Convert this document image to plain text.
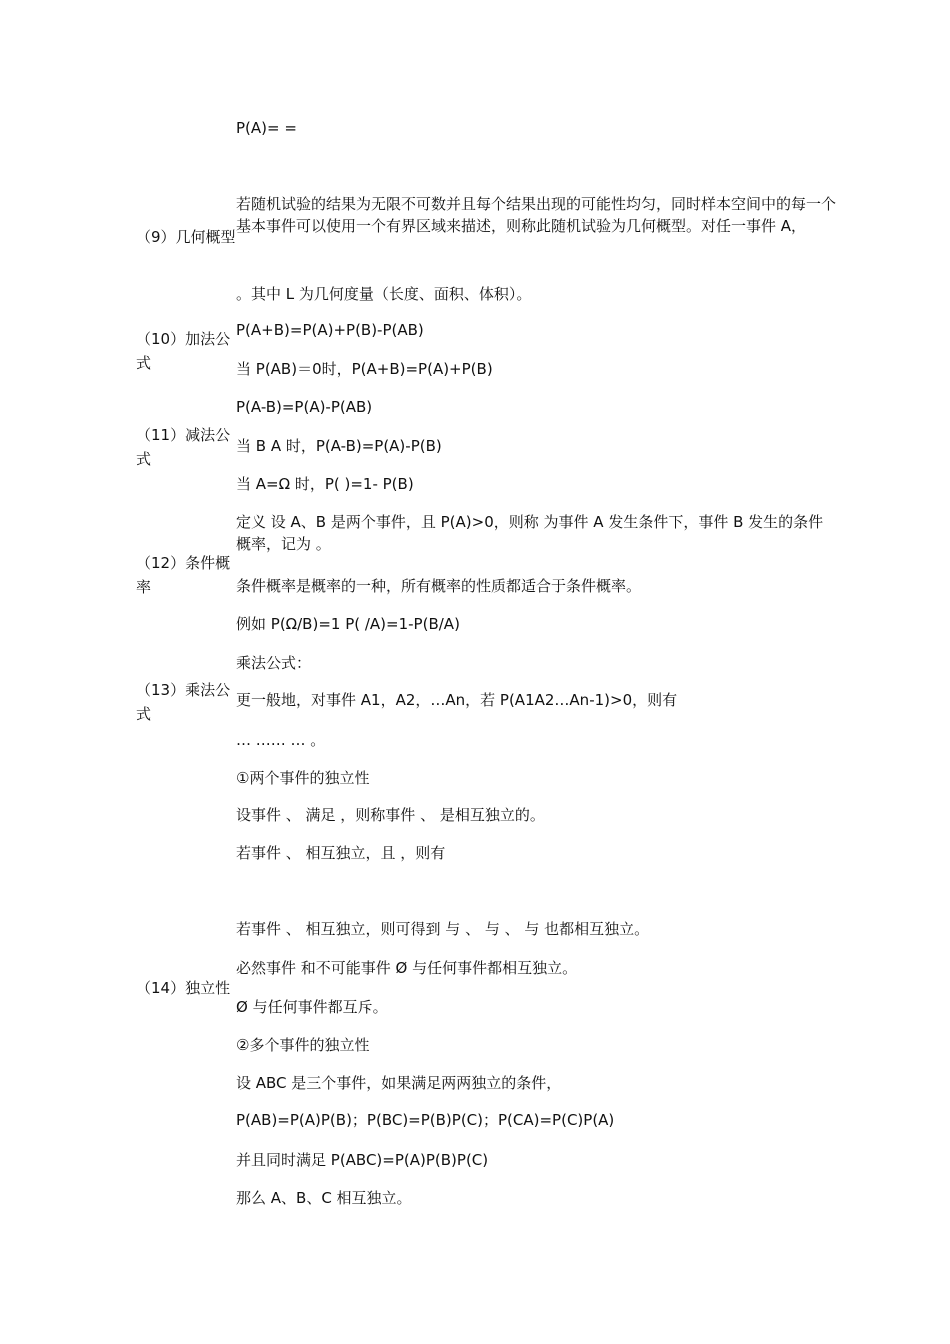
（9）几何概型
（10）加法公式
（11）减法公式
（12）条件概率
（13）乘法公式
（14）独立性
P(A)= =
若随机试验的结果为无限不可数并且每个结果出现的可能性均匀，同时样本空间中的每一个基本事件可以使用一个有界区域来描述，则称此随机试验为几何概型。对任一事件 A，
。其中 L 为几何度量（长度、面积、体积）。
P(A+B)=P(A)+P(B)-P(AB)
当 P(AB)＝0时，P(A+B)=P(A)+P(B)
P(A-B)=P(A)-P(AB)
当 B A 时，P(A-B)=P(A)-P(B)
当 A=Ω 时，P( )=1- P(B)
定义 设 A、B 是两个事件，且 P(A)>0，则称 为事件 A 发生条件下，事件 B 发生的条件概率，记为 。
条件概率是概率的一种，所有概率的性质都适合于条件概率。
例如 P(Ω/B)=1 P( /A)=1-P(B/A)
乘法公式：
更一般地，对事件 A1，A2，…An，若 P(A1A2…An-1)>0，则有
… …… … 。
①两个事件的独立性
设事件 、 满足 ，则称事件 、 是相互独立的。
若事件 、 相互独立，且 ，则有
若事件 、 相互独立，则可得到 与 、 与 、 与 也都相互独立。
必然事件 和不可能事件 Ø 与任何事件都相互独立。
Ø 与任何事件都互斥。
②多个事件的独立性
设 ABC 是三个事件，如果满足两两独立的条件，
P(AB)=P(A)P(B)；P(BC)=P(B)P(C)；P(CA)=P(C)P(A)
并且同时满足 P(ABC)=P(A)P(B)P(C)
那么 A、B、C 相互独立。
